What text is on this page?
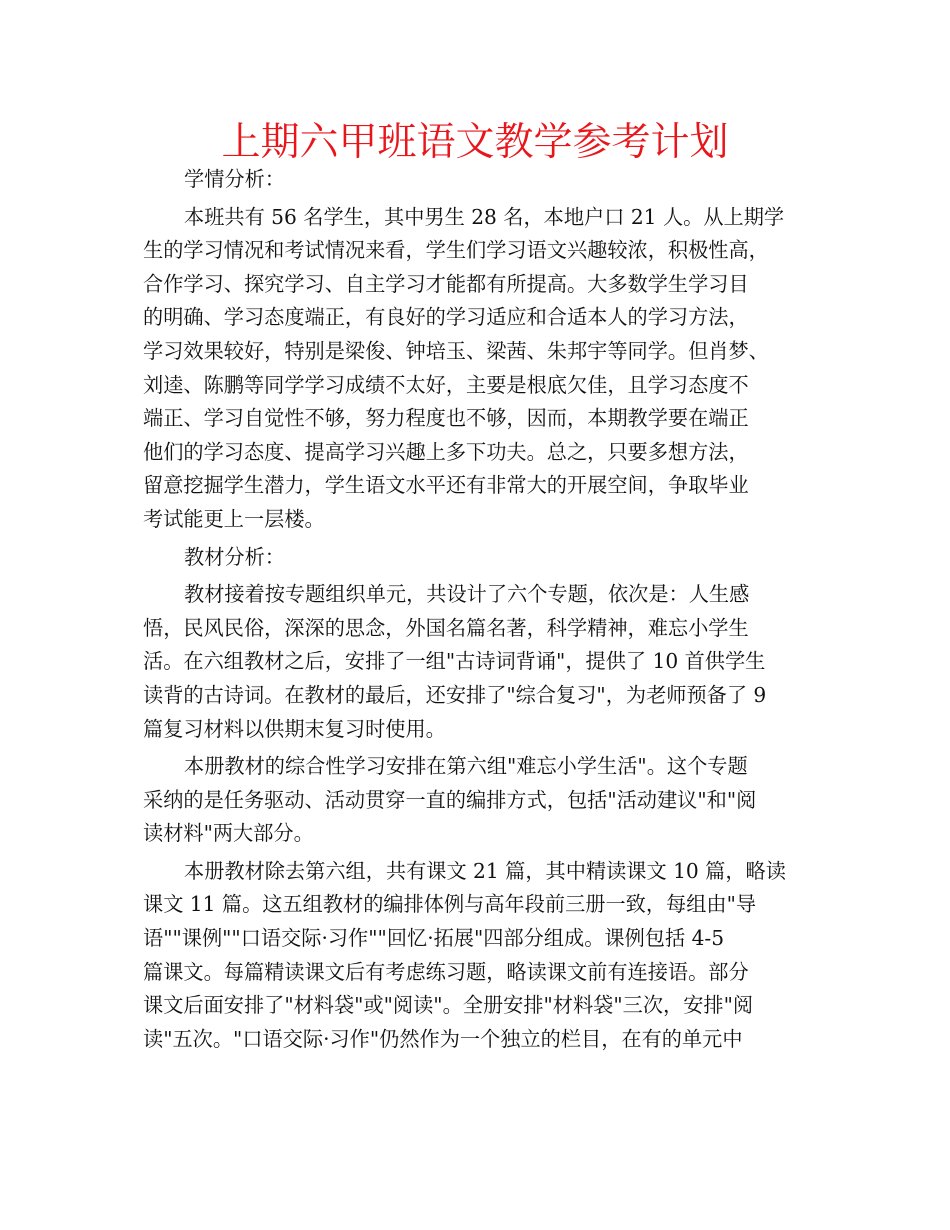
上期六甲班语文教学参考计划
学情分析：
本班共有 56 名学生，其中男生 28 名，本地户口 21 人。从上期学
生的学习情况和考试情况来看，学生们学习语文兴趣较浓，积极性高，
合作学习、探究学习、自主学习才能都有所提高。大多数学生学习目
的明确、学习态度端正，有良好的学习适应和合适本人的学习方法，
学习效果较好，特别是梁俊、钟培玉、梁茜、朱邦宇等同学。但肖梦、
刘逵、陈鹏等同学学习成绩不太好，主要是根底欠佳，且学习态度不
端正、学习自觉性不够，努力程度也不够，因而，本期教学要在端正
他们的学习态度、提高学习兴趣上多下功夫。总之，只要多想方法，
留意挖掘学生潜力，学生语文水平还有非常大的开展空间，争取毕业
考试能更上一层楼。
教材分析：
教材接着按专题组织单元，共设计了六个专题，依次是：人生感
悟，民风民俗，深深的思念，外国名篇名著，科学精神，难忘小学生
活。在六组教材之后，安排了一组"古诗词背诵"，提供了 10 首供学生
读背的古诗词。在教材的最后，还安排了"综合复习"，为老师预备了 9
篇复习材料以供期末复习时使用。
本册教材的综合性学习安排在第六组"难忘小学生活"。这个专题
采纳的是任务驱动、活动贯穿一直的编排方式，包括"活动建议"和"阅
读材料"两大部分。
本册教材除去第六组，共有课文 21 篇，其中精读课文 10 篇，略读
课文 11 篇。这五组教材的编排体例与高年段前三册一致，每组由"导
语""课例""口语交际·习作""回忆·拓展"四部分组成。课例包括 4-5
篇课文。每篇精读课文后有考虑练习题，略读课文前有连接语。部分
课文后面安排了"材料袋"或"阅读"。全册安排"材料袋"三次，安排"阅
读"五次。"口语交际·习作"仍然作为一个独立的栏目，在有的单元中
